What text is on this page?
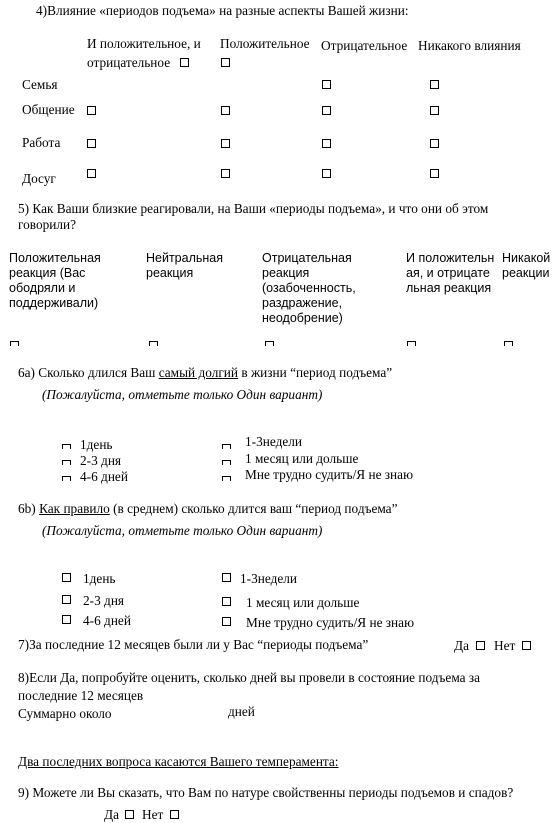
4)Влияние «периодов подъема» на разные аспекты Вашей жизни:
И положительное, и
отрицательное
Положительное Отрицательное Никакого влияния
Семья
Общение
Работа
Досуг
5) Как Ваши близкие реагировали, на Ваши «периоды подъема», и что они об этом
говорили?
Положительная реакция (Вас ободряли и поддерживали)
Нейтральная реакция
Отрицательная реакция (озабоченность, раздражение, неодобрение)
И положительная, и отрицательная реакция
Никакой реакции
6а) Сколько длился Ваш самый долгий в жизни “период подъема”
(Пожалуйста, отметьте только Один вариант)
1день
2-3 дня
4-6 дней
1-3недели
1 месяц или дольше
Мне трудно судить/Я не знаю
6b) Как правило (в среднем) сколько длится ваш “период подъема”
(Пожалуйста, отметьте только Один вариант)
1день
2-3 дня
4-6 дней
1-3недели
1 месяц или дольше
Мне трудно судить/Я не знаю
7)За последние 12 месяцев были ли у Вас “периоды подъема”	Да Нет
8)Если Да, попробуйте оценить, сколько дней вы провели в состояние подъема за
последние 12 месяцев
Суммарно около	дней
Два последних вопроса касаются Вашего темперамента:
9) Можете ли Вы сказать, что Вам по натуре свойственны периоды подъемов и спадов?
Да Нет
